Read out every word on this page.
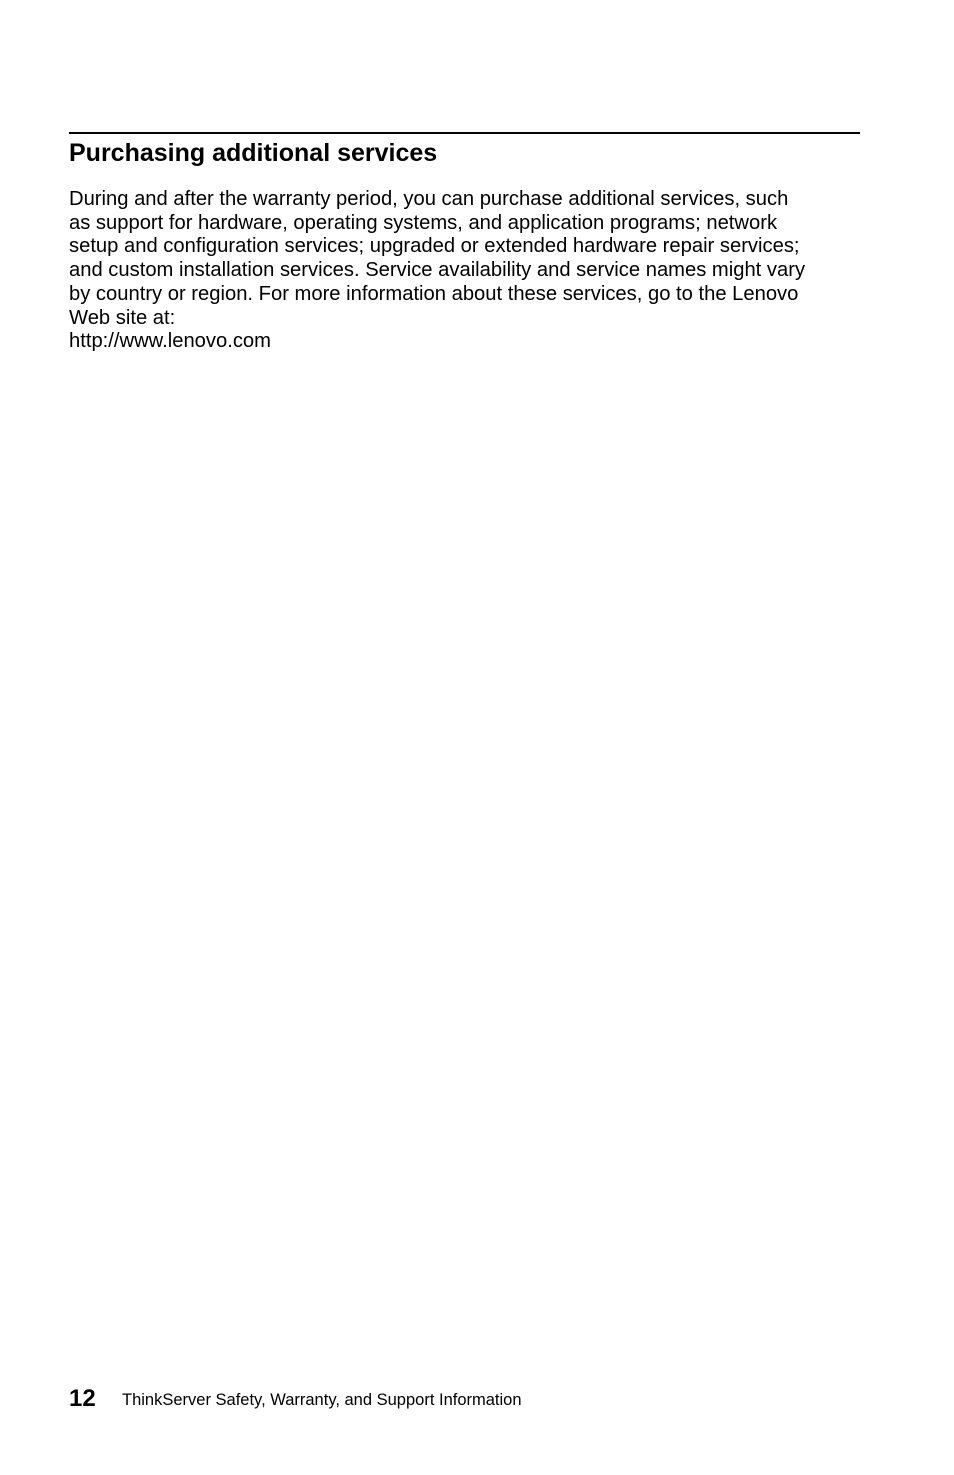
Purchasing additional services
During and after the warranty period, you can purchase additional services, such
as support for hardware, operating systems, and application programs; network
setup and configuration services; upgraded or extended hardware repair services;
and custom installation services. Service availability and service names might vary
by country or region. For more information about these services, go to the Lenovo
Web site at:
http://www.lenovo.com
12 ThinkServer Safety, Warranty, and Support Information
